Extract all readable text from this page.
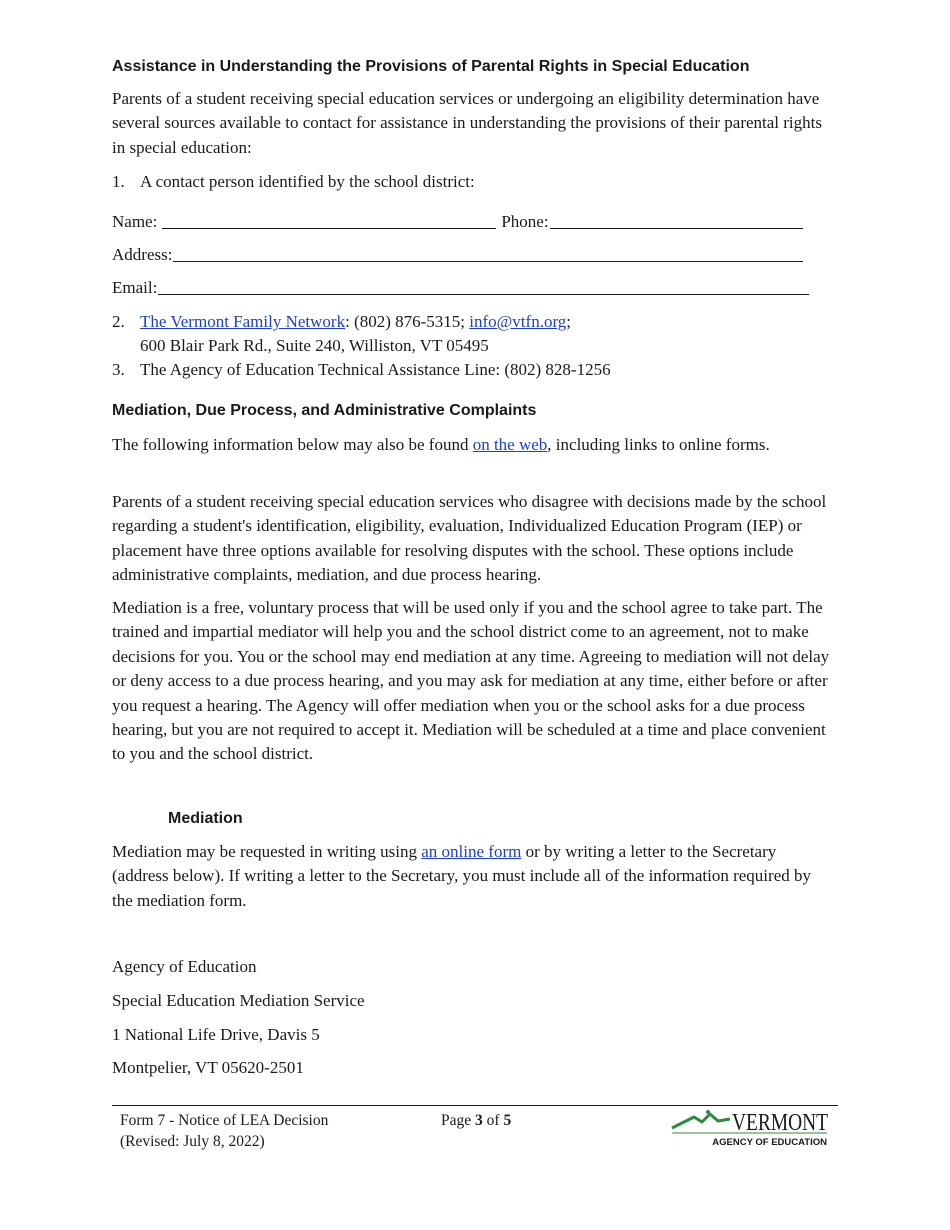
Assistance in Understanding the Provisions of Parental Rights in Special Education

Parents of a student receiving special education services or undergoing an eligibility determination have several sources available to contact for assistance in understanding the provisions of their parental rights in special education:

1. A contact person identified by the school district:
Name:	Phone:
Address:
Email:
2. The Vermont Family Network: (802) 876-5315; info@vtfn.org;
600 Blair Park Rd., Suite 240, Williston, VT 05495
3. The Agency of Education Technical Assistance Line: (802) 828-1256
Mediation, Due Process, and Administrative Complaints

The following information below may also be found on the web, including links to online forms.

Parents of a student receiving special education services who disagree with decisions made by the school regarding a student's identification, eligibility, evaluation, Individualized Education Program (IEP) or placement have three options available for resolving disputes with the school. These options include administrative complaints, mediation, and due process hearing.

Mediation is a free, voluntary process that will be used only if you and the school agree to take part. The trained and impartial mediator will help you and the school district come to an agreement, not to make decisions for you. You or the school may end mediation at any time. Agreeing to mediation will not delay or deny access to a due process hearing, and you may ask for mediation at any time, either before or after you request a hearing. The Agency will offer mediation when you or the school asks for a due process hearing, but you are not required to accept it. Mediation will be scheduled at a time and place convenient to you and the school district.

Mediation

Mediation may be requested in writing using an online form or by writing a letter to the Secretary (address below). If writing a letter to the Secretary, you must include all of the information required by the mediation form.

Agency of Education

Special Education Mediation Service

1 National Life Drive, Davis 5

Montpelier, VT 05620-2501

Form 7 - Notice of LEA Decision
(Revised: July 8, 2022)
Page 3 of 5	VERMONT
AGENCY OF EDUCATION
